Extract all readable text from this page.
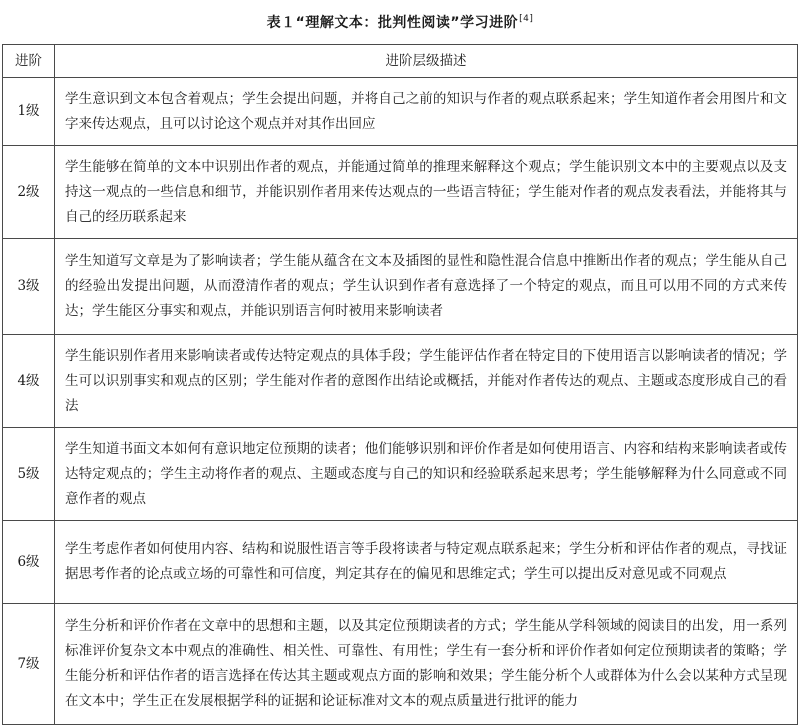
表１“理解文本：批判性阅读”学习进阶[4]
进阶	进阶层级描述
1级	学生意识到文本包含着观点；学生会提出问题，并将自己之前的知识与作者的观点联系起来；学生知道作者会用图片和文字来传达观点，且可以讨论这个观点并对其作出回应
2级	学生能够在简单的文本中识别出作者的观点，并能通过简单的推理来解释这个观点；学生能识别文本中的主要观点以及支持这一观点的一些信息和细节，并能识别作者用来传达观点的一些语言特征；学生能对作者的观点发表看法，并能将其与自己的经历联系起来
3级	学生知道写文章是为了影响读者；学生能从蕴含在文本及插图的显性和隐性混合信息中推断出作者的观点；学生能从自己的经验出发提出问题，从而澄清作者的观点；学生认识到作者有意选择了一个特定的观点，而且可以用不同的方式来传达；学生能区分事实和观点，并能识别语言何时被用来影响读者
4级	学生能识别作者用来影响读者或传达特定观点的具体手段；学生能评估作者在特定目的下使用语言以影响读者的情况；学生可以识别事实和观点的区别；学生能对作者的意图作出结论或概括，并能对作者传达的观点、主题或态度形成自己的看法
5级	学生知道书面文本如何有意识地定位预期的读者；他们能够识别和评价作者是如何使用语言、内容和结构来影响读者或传达特定观点的；学生主动将作者的观点、主题或态度与自己的知识和经验联系起来思考；学生能够解释为什么同意或不同意作者的观点
6级	学生考虑作者如何使用内容、结构和说服性语言等手段将读者与特定观点联系起来；学生分析和评估作者的观点，寻找证据思考作者的论点或立场的可靠性和可信度，判定其存在的偏见和思维定式；学生可以提出反对意见或不同观点
7级	学生分析和评价作者在文章中的思想和主题，以及其定位预期读者的方式；学生能从学科领域的阅读目的出发，用一系列标准评价复杂文本中观点的准确性、相关性、可靠性、有用性；学生有一套分析和评价作者如何定位预期读者的策略；学生能分析和评估作者的语言选择在传达其主题或观点方面的影响和效果；学生能分析个人或群体为什么会以某种方式呈现在文本中；学生正在发展根据学科的证据和论证标准对文本的观点质量进行批评的能力
